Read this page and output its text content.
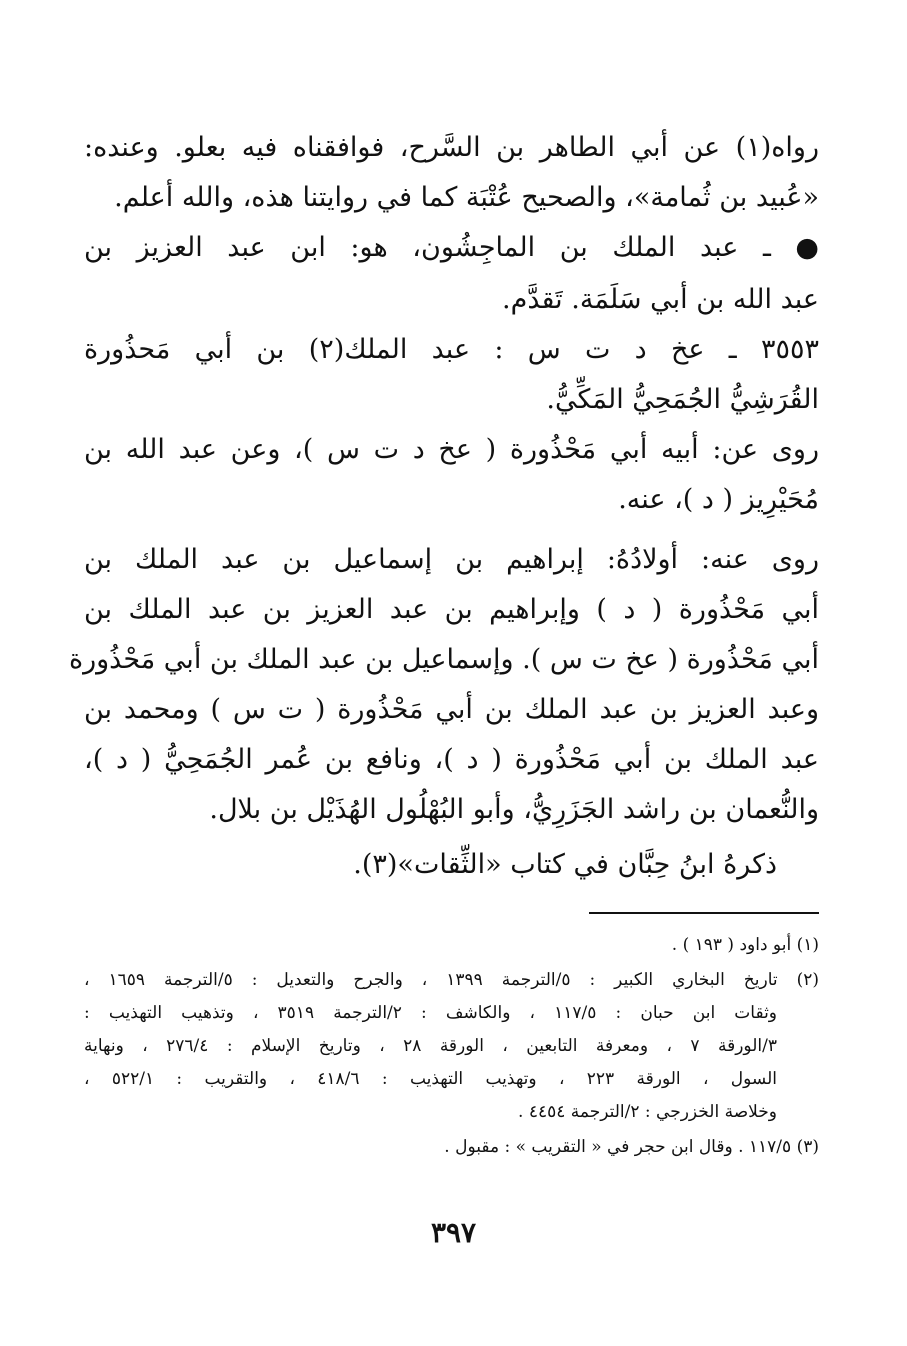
رواه(١) عن أبي الطاهر بن السَّرح، فوافقناه فيه بعلو. وعنده:
«عُبيد بن ثُمامة»، والصحيح عُتْبَة كما في روايتنا هذه، والله أعلم.
● ـ عبد الملك بن الماجِشُون، هو: ابن عبد العزيز بن
عبد الله بن أبي سَلَمَة. تَقدَّم.
٣٥٥٣ ـ عخ د ت س : عبد الملك(٢) بن أبي مَحذُورة
القُرَشِيُّ الجُمَحِيُّ المَكِّيُّ.
روى عن: أبيه أبي مَحْذُورة ( عخ د ت س )، وعن عبد الله بن
مُحَيْرِيز ( د )، عنه.
روى عنه: أولادُهُ: إبراهيم بن إسماعيل بن عبد الملك بن
أبي مَحْذُورة ( د ) وإبراهيم بن عبد العزيز بن عبد الملك بن
أبي مَحْذُورة ( عخ ت س ). وإسماعيل بن عبد الملك بن أبي مَحْذُورة
وعبد العزيز بن عبد الملك بن أبي مَحْذُورة ( ت س ) ومحمد بن
عبد الملك بن أبي مَحْذُورة ( د )، ونافع بن عُمر الجُمَحِيُّ ( د )،
والنُّعمان بن راشد الجَزَرِيُّ، وأبو البُهْلُول الهُذَيْل بن بلال.
ذكرهُ ابنُ حِبَّان في كتاب «الثِّقات»(٣).
(١) أبو داود ( ١٩٣ ) .
(٢) تاريخ البخاري الكبير : ٥/الترجمة ١٣٩٩ ، والجرح والتعديل : ٥/الترجمة ١٦٥٩ ،
وثقات ابن حبان : ١١٧/٥ ، والكاشف : ٢/الترجمة ٣٥١٩ ، وتذهيب التهذيب :
٣/الورقة ٧ ، ومعرفة التابعين ، الورقة ٢٨ ، وتاريخ الإسلام : ٢٧٦/٤ ، ونهاية
السول ، الورقة ٢٢٣ ، وتهذيب التهذيب : ٤١٨/٦ ، والتقريب : ٥٢٢/١ ،
وخلاصة الخزرجي : ٢/الترجمة ٤٤٥٤ .
(٣) ١١٧/٥ . وقال ابن حجر في « التقريب » : مقبول .
٣٩٧
